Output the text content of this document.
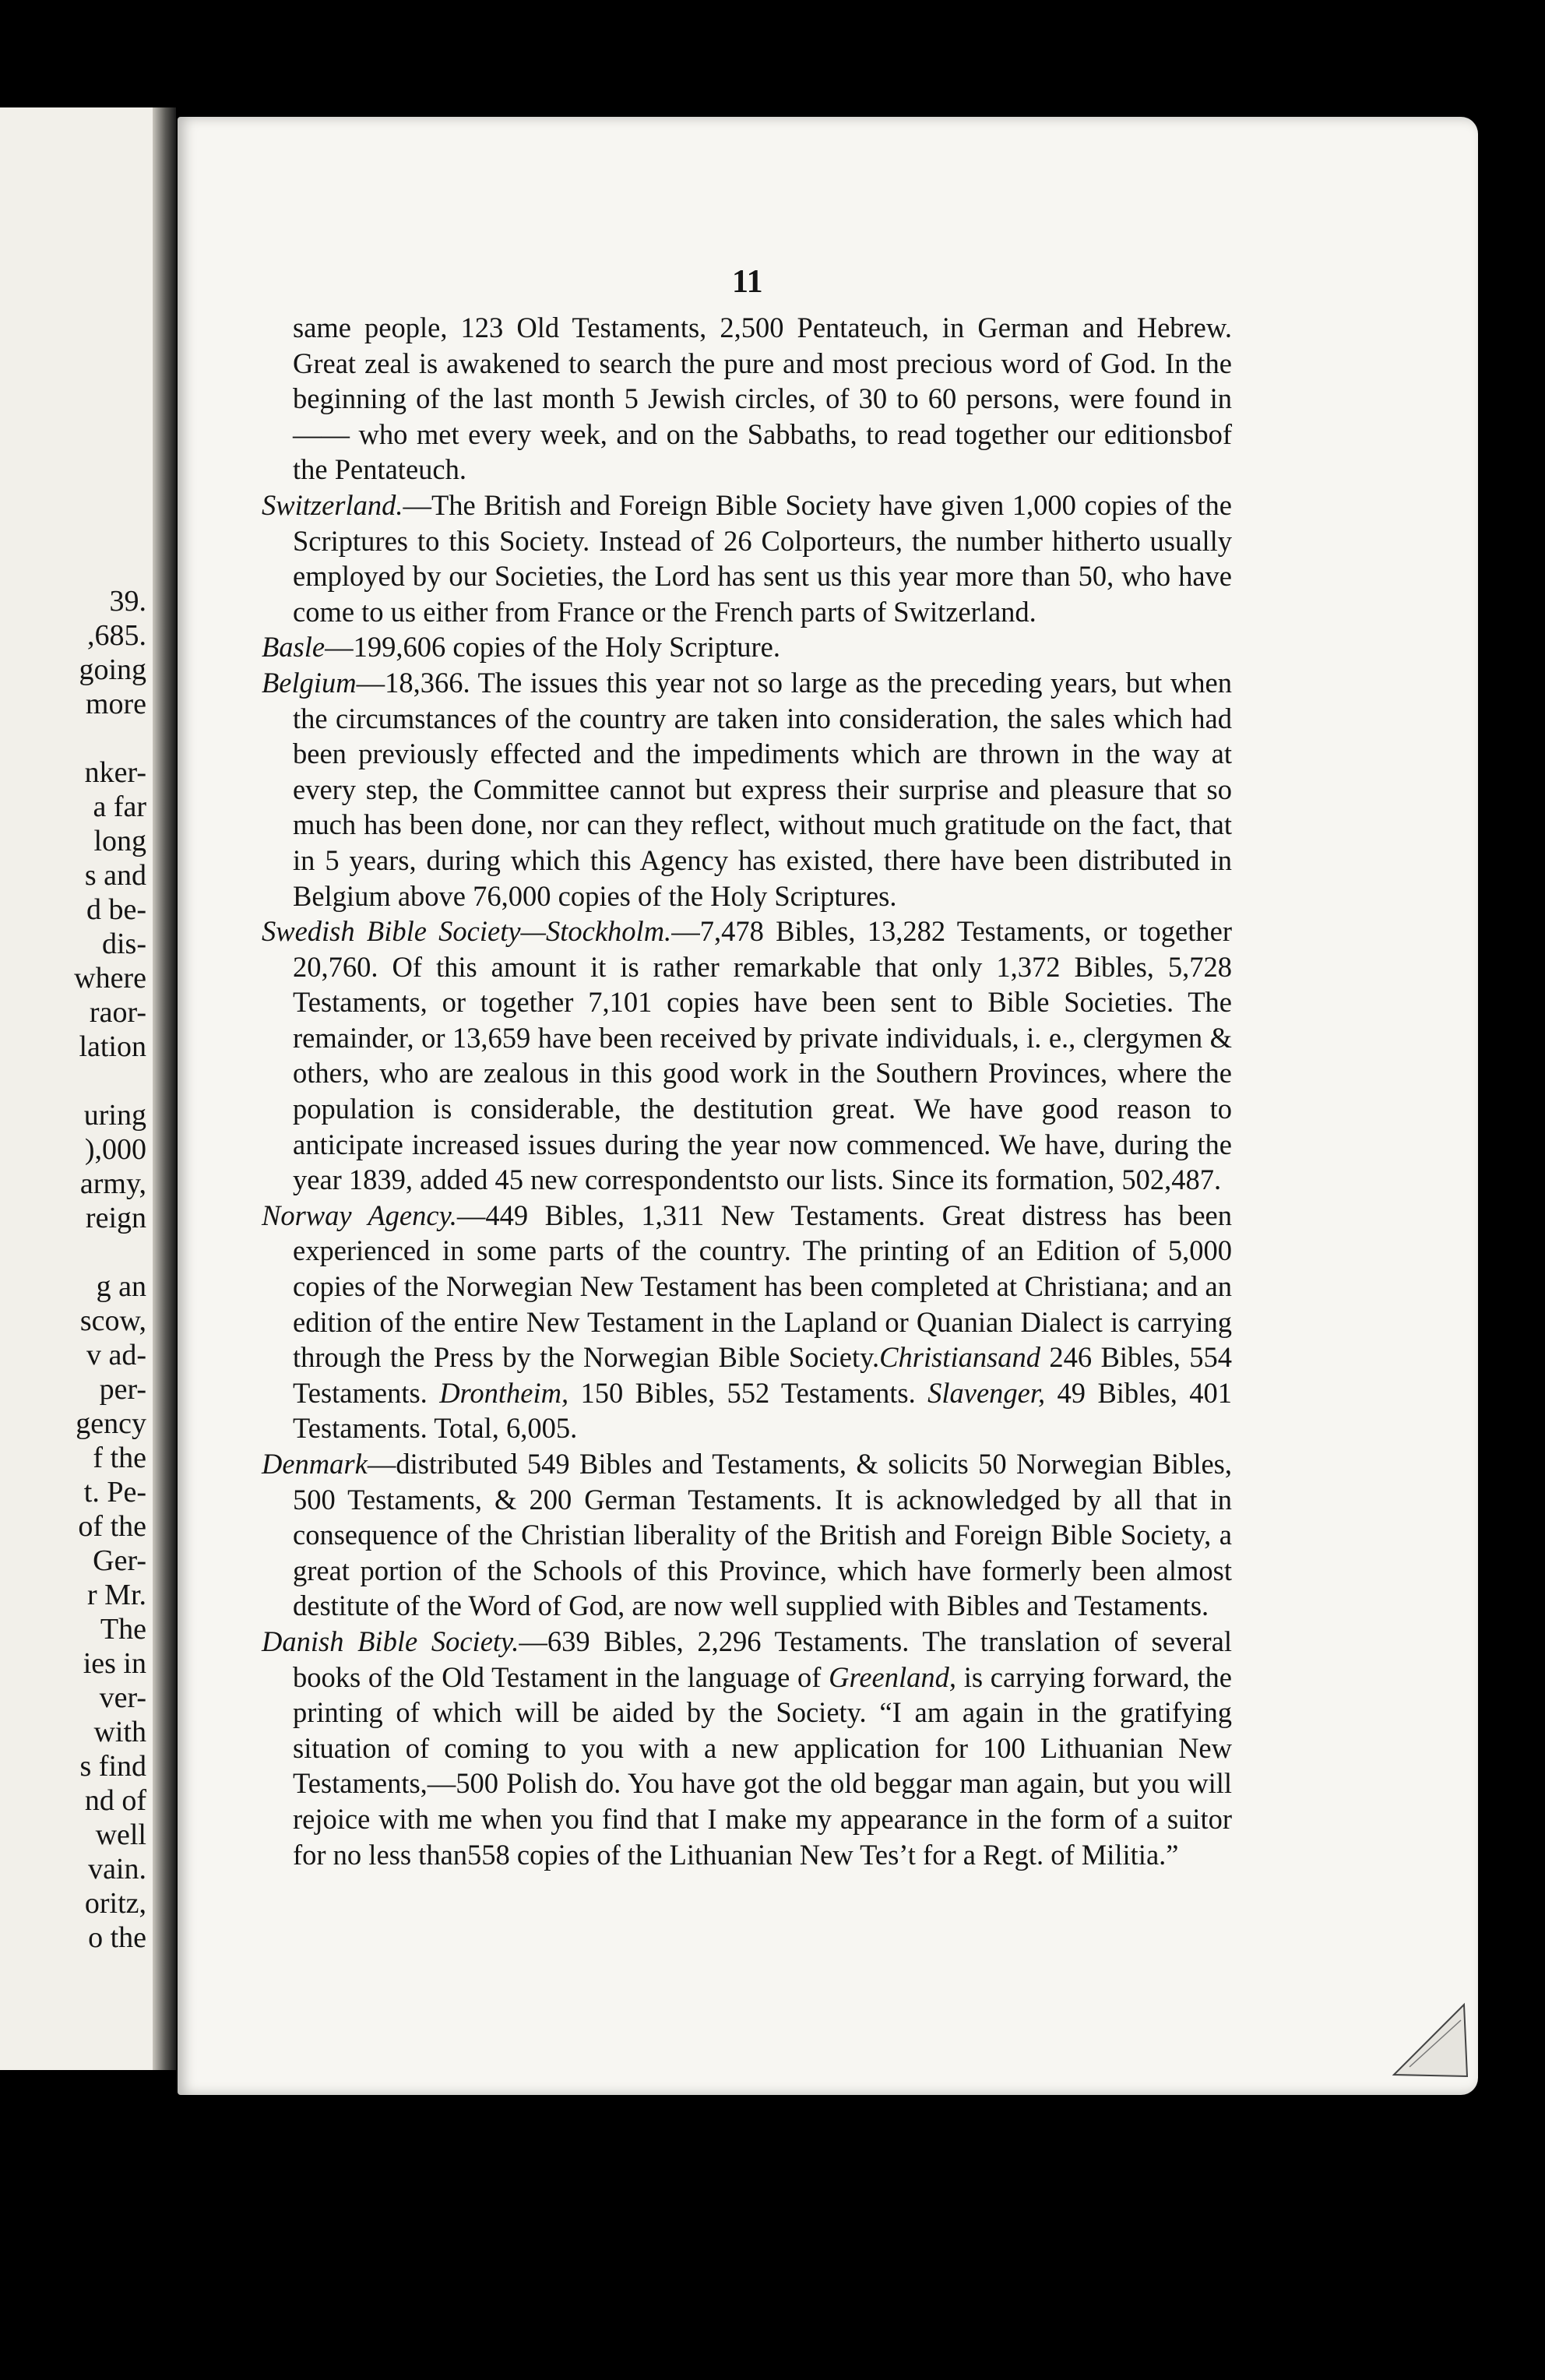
39.
,685.
going
more
nker-
a far
long
s and
d be-
dis-
where
raor-
lation
uring
),000
army,
reign
g an
scow,
v ad-
per-
gency
f the
t. Pe-
of the
Ger-
r Mr.
The
ies in
ver-
with
s find
nd of
well
vain.
oritz,
o the
11

same people, 123 Old Testaments, 2,500 Pentateuch, in German and Hebrew. Great zeal is awakened to search the pure and most precious word of God. In the beginning of the last month 5 Jewish circles, of 30 to 60 persons, were found in —— who met every week, and on the Sabbaths, to read together our editionsbof the Pentateuch.

Switzerland.—The British and Foreign Bible Society have given 1,000 copies of the Scriptures to this Society. Instead of 26 Colporteurs, the number hitherto usually employed by our Societies, the Lord has sent us this year more than 50, who have come to us either from France or the French parts of Switzerland.

Basle—199,606 copies of the Holy Scripture.

Belgium—18,366. The issues this year not so large as the preceding years, but when the circumstances of the country are taken into consideration, the sales which had been previously effected and the impediments which are thrown in the way at every step, the Committee cannot but express their surprise and pleasure that so much has been done, nor can they reflect, without much gratitude on the fact, that in 5 years, during which this Agency has existed, there have been distributed in Belgium above 76,000 copies of the Holy Scriptures.

Swedish Bible Society—Stockholm.—7,478 Bibles, 13,282 Testaments, or together 20,760. Of this amount it is rather remarkable that only 1,372 Bibles, 5,728 Testaments, or together 7,101 copies have been sent to Bible Societies. The remainder, or 13,659 have been received by private individuals, i. e., clergymen & others, who are zealous in this good work in the Southern Provinces, where the population is considerable, the destitution great. We have good reason to anticipate increased issues during the year now commenced. We have, during the year 1839, added 45 new correspondentsto our lists. Since its formation, 502,487.

Norway Agency.—449 Bibles, 1,311 New Testaments. Great distress has been experienced in some parts of the country. The printing of an Edition of 5,000 copies of the Norwegian New Testament has been completed at Christiana; and an edition of the entire New Testament in the Lapland or Quanian Dialect is carrying through the Press by the Norwegian Bible Society.Christiansand 246 Bibles, 554 Testaments. Drontheim, 150 Bibles, 552 Testaments. Slavenger, 49 Bibles, 401 Testaments. Total, 6,005.

Denmark—distributed 549 Bibles and Testaments, & solicits 50 Norwegian Bibles, 500 Testaments, & 200 German Testaments. It is acknowledged by all that in consequence of the Christian liberality of the British and Foreign Bible Society, a great portion of the Schools of this Province, which have formerly been almost destitute of the Word of God, are now well supplied with Bibles and Testaments.

Danish Bible Society.—639 Bibles, 2,296 Testaments. The translation of several books of the Old Testament in the language of Greenland, is carrying forward, the printing of which will be aided by the Society. “I am again in the gratifying situation of coming to you with a new application for 100 Lithuanian New Testaments,—500 Polish do. You have got the old beggar man again, but you will rejoice with me when you find that I make my appearance in the form of a suitor for no less than558 copies of the Lithuanian New Tes’t for a Regt. of Militia.”
